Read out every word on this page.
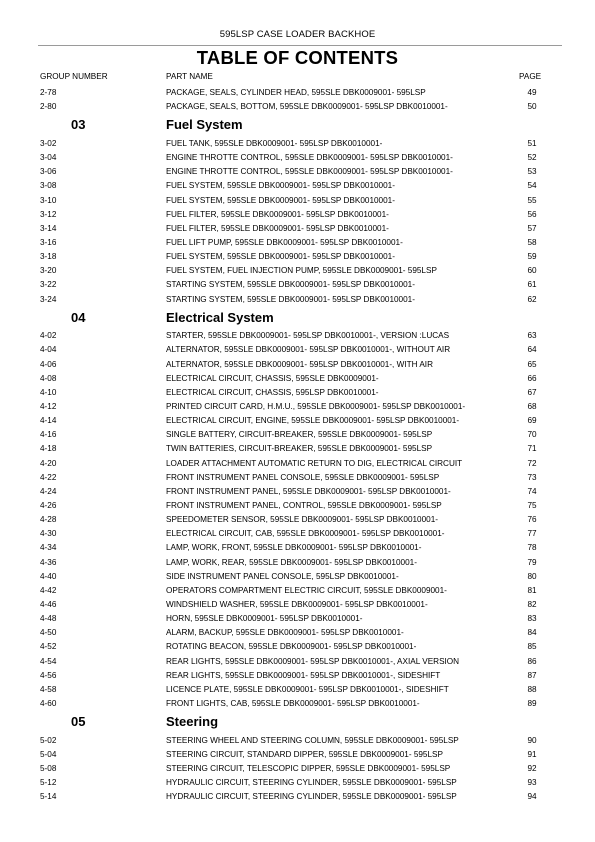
595LSP CASE LOADER BACKHOE
TABLE OF CONTENTS
GROUP NUMBER	PART NAME	PAGE
2-78	PACKAGE, SEALS, CYLINDER HEAD, 595SLE DBK0009001- 595LSP	49
2-80	PACKAGE, SEALS, BOTTOM, 595SLE DBK0009001- 595LSP DBK0010001-	50
03	Fuel System
3-02	FUEL TANK, 595SLE DBK0009001- 595LSP DBK0010001-	51
3-04	ENGINE THROTTE CONTROL, 595SLE DBK0009001- 595LSP DBK0010001-	52
3-06	ENGINE THROTTE CONTROL, 595SLE DBK0009001- 595LSP DBK0010001-	53
3-08	FUEL SYSTEM, 595SLE DBK0009001- 595LSP DBK0010001-	54
3-10	FUEL SYSTEM, 595SLE DBK0009001- 595LSP DBK0010001-	55
3-12	FUEL FILTER, 595SLE DBK0009001- 595LSP DBK0010001-	56
3-14	FUEL FILTER, 595SLE DBK0009001- 595LSP DBK0010001-	57
3-16	FUEL LIFT PUMP, 595SLE DBK0009001- 595LSP DBK0010001-	58
3-18	FUEL SYSTEM, 595SLE DBK0009001- 595LSP DBK0010001-	59
3-20	FUEL SYSTEM, FUEL INJECTION PUMP, 595SLE DBK0009001- 595LSP	60
3-22	STARTING SYSTEM, 595SLE DBK0009001- 595LSP DBK0010001-	61
3-24	STARTING SYSTEM, 595SLE DBK0009001- 595LSP DBK0010001-	62
04	Electrical System
4-02	STARTER, 595SLE DBK0009001- 595LSP DBK0010001-, VERSION :LUCAS	63
4-04	ALTERNATOR, 595SLE DBK0009001- 595LSP DBK0010001-, WITHOUT AIR	64
4-06	ALTERNATOR, 595SLE DBK0009001- 595LSP DBK0010001-, WITH AIR	65
4-08	ELECTRICAL CIRCUIT, CHASSIS, 595SLE DBK0009001-	66
4-10	ELECTRICAL CIRCUIT, CHASSIS, 595LSP DBK0010001-	67
4-12	PRINTED CIRCUIT CARD, H.M.U., 595SLE DBK0009001- 595LSP DBK0010001-	68
4-14	ELECTRICAL CIRCUIT, ENGINE, 595SLE DBK0009001- 595LSP DBK0010001-	69
4-16	SINGLE BATTERY, CIRCUIT-BREAKER, 595SLE DBK0009001- 595LSP	70
4-18	TWIN BATTERIES, CIRCUIT-BREAKER, 595SLE DBK0009001- 595LSP	71
4-20	LOADER ATTACHMENT AUTOMATIC RETURN TO DIG, ELECTRICAL CIRCUIT	72
4-22	FRONT INSTRUMENT PANEL CONSOLE, 595SLE DBK0009001- 595LSP	73
4-24	FRONT INSTRUMENT PANEL, 595SLE DBK0009001- 595LSP DBK0010001-	74
4-26	FRONT INSTRUMENT PANEL, CONTROL, 595SLE DBK0009001- 595LSP	75
4-28	SPEEDOMETER SENSOR, 595SLE DBK0009001- 595LSP DBK0010001-	76
4-30	ELECTRICAL CIRCUIT, CAB, 595SLE DBK0009001- 595LSP DBK0010001-	77
4-34	LAMP, WORK, FRONT, 595SLE DBK0009001- 595LSP DBK0010001-	78
4-36	LAMP, WORK, REAR, 595SLE DBK0009001- 595LSP DBK0010001-	79
4-40	SIDE INSTRUMENT PANEL CONSOLE, 595LSP DBK0010001-	80
4-42	OPERATORS COMPARTMENT ELECTRIC CIRCUIT, 595SLE DBK0009001-	81
4-46	WINDSHIELD WASHER, 595SLE DBK0009001- 595LSP DBK0010001-	82
4-48	HORN, 595SLE DBK0009001- 595LSP DBK0010001-	83
4-50	ALARM, BACKUP, 595SLE DBK0009001- 595LSP DBK0010001-	84
4-52	ROTATING BEACON, 595SLE DBK0009001- 595LSP DBK0010001-	85
4-54	REAR LIGHTS, 595SLE DBK0009001- 595LSP DBK0010001-, AXIAL VERSION	86
4-56	REAR LIGHTS, 595SLE DBK0009001- 595LSP DBK0010001-, SIDESHIFT	87
4-58	LICENCE PLATE, 595SLE DBK0009001- 595LSP DBK0010001-, SIDESHIFT	88
4-60	FRONT LIGHTS, CAB, 595SLE DBK0009001- 595LSP DBK0010001-	89
05	Steering
5-02	STEERING WHEEL AND STEERING COLUMN, 595SLE DBK0009001- 595LSP	90
5-04	STEERING CIRCUIT, STANDARD DIPPER, 595SLE DBK0009001- 595LSP	91
5-08	STEERING CIRCUIT, TELESCOPIC DIPPER, 595SLE DBK0009001- 595LSP	92
5-12	HYDRAULIC CIRCUIT, STEERING CYLINDER, 595SLE DBK0009001- 595LSP	93
5-14	HYDRAULIC CIRCUIT, STEERING CYLINDER, 595SLE DBK0009001- 595LSP	94
